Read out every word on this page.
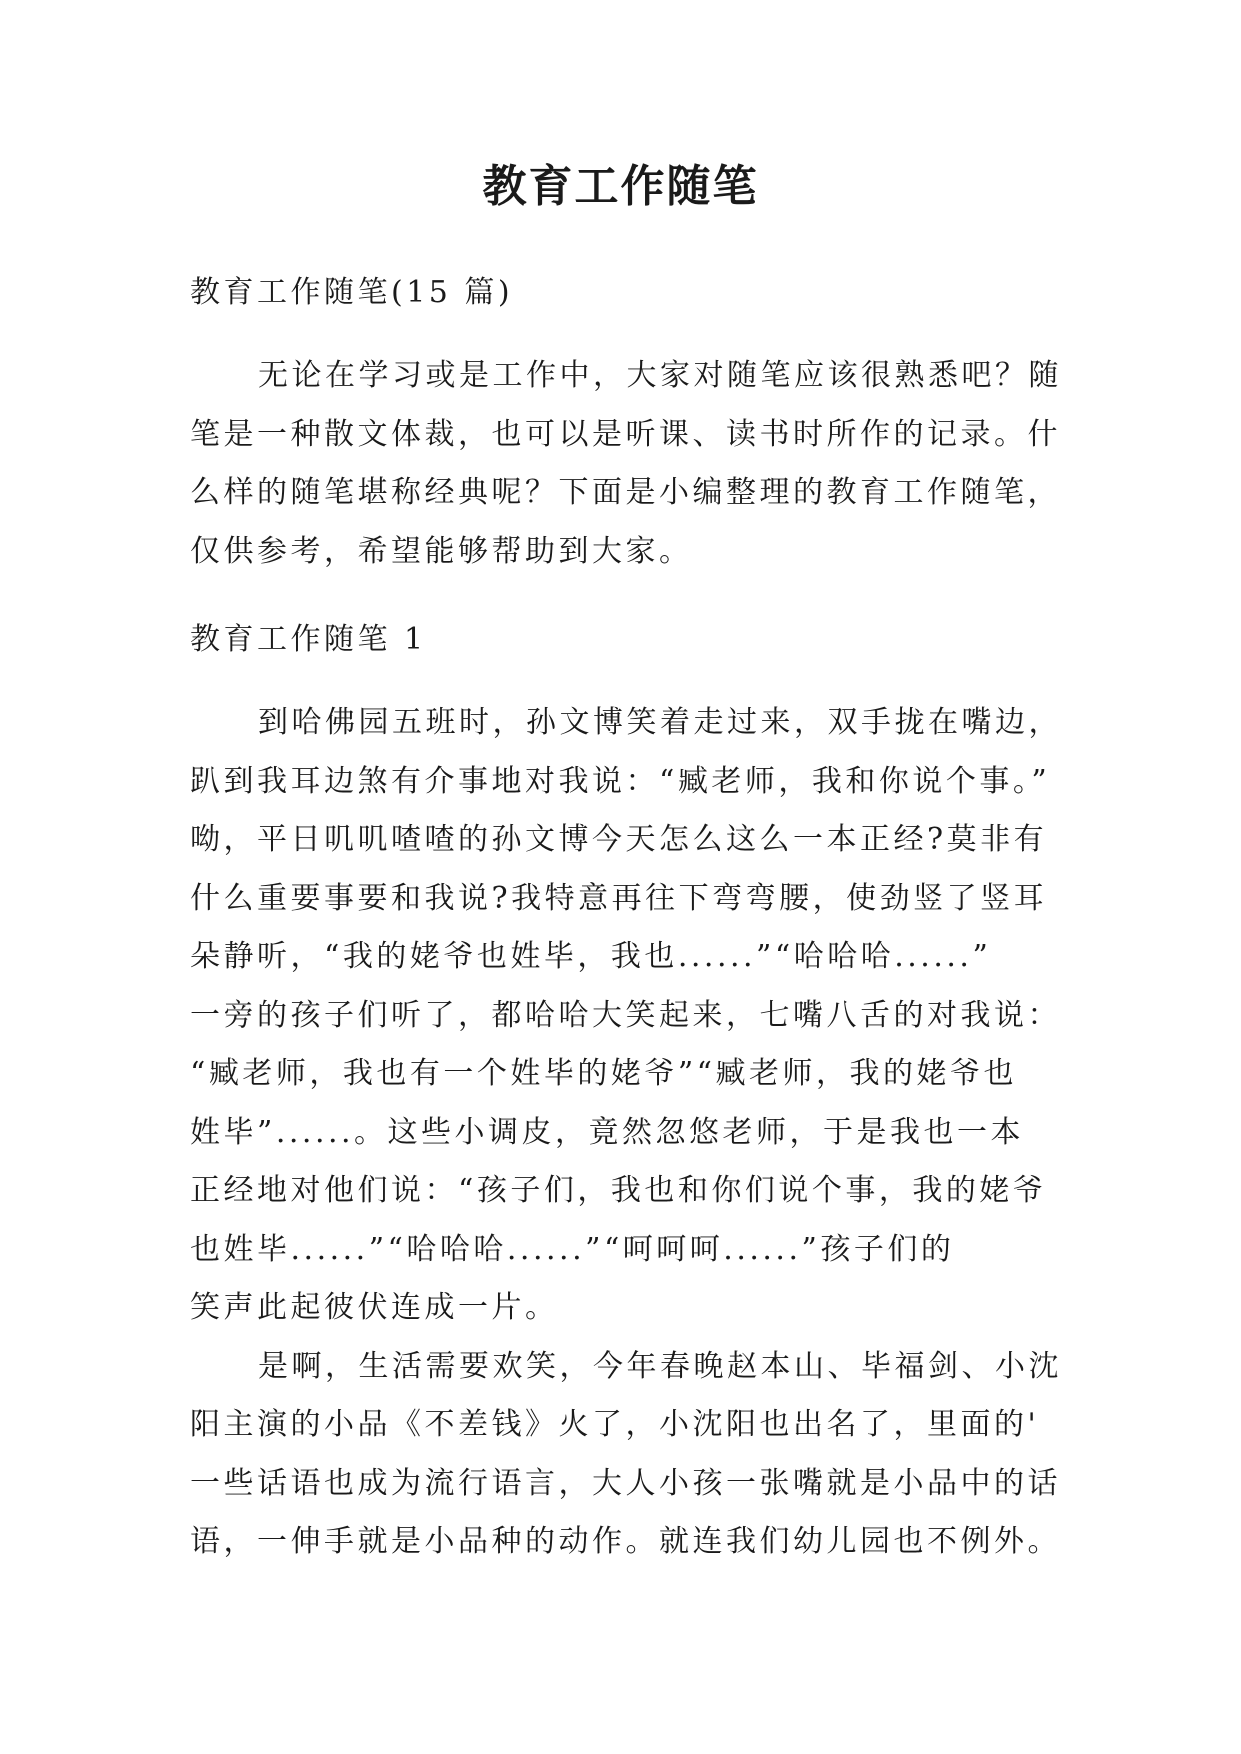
教育工作随笔
教育工作随笔(15 篇)

无论在学习或是工作中，大家对随笔应该很熟悉吧？随
笔是一种散文体裁，也可以是听课、读书时所作的记录。什
么样的随笔堪称经典呢？下面是小编整理的教育工作随笔，
仅供参考，希望能够帮助到大家。

教育工作随笔 1

到哈佛园五班时，孙文博笑着走过来，双手拢在嘴边，
趴到我耳边煞有介事地对我说：“臧老师，我和你说个事。”
呦，平日叽叽喳喳的孙文博今天怎么这么一本正经?莫非有
什么重要事要和我说?我特意再往下弯弯腰，使劲竖了竖耳
朵静听，“我的姥爷也姓毕，我也......”“哈哈哈......”
一旁的孩子们听了，都哈哈大笑起来，七嘴八舌的对我说：
“臧老师，我也有一个姓毕的姥爷”“臧老师，我的姥爷也
姓毕”......。这些小调皮，竟然忽悠老师，于是我也一本
正经地对他们说：“孩子们，我也和你们说个事，我的姥爷
也姓毕......”“哈哈哈......”“呵呵呵......”孩子们的
笑声此起彼伏连成一片。

是啊，生活需要欢笑，今年春晚赵本山、毕福剑、小沈
阳主演的小品《不差钱》火了，小沈阳也出名了，里面的'
一些话语也成为流行语言，大人小孩一张嘴就是小品中的话
语，一伸手就是小品种的动作。就连我们幼儿园也不例外。
